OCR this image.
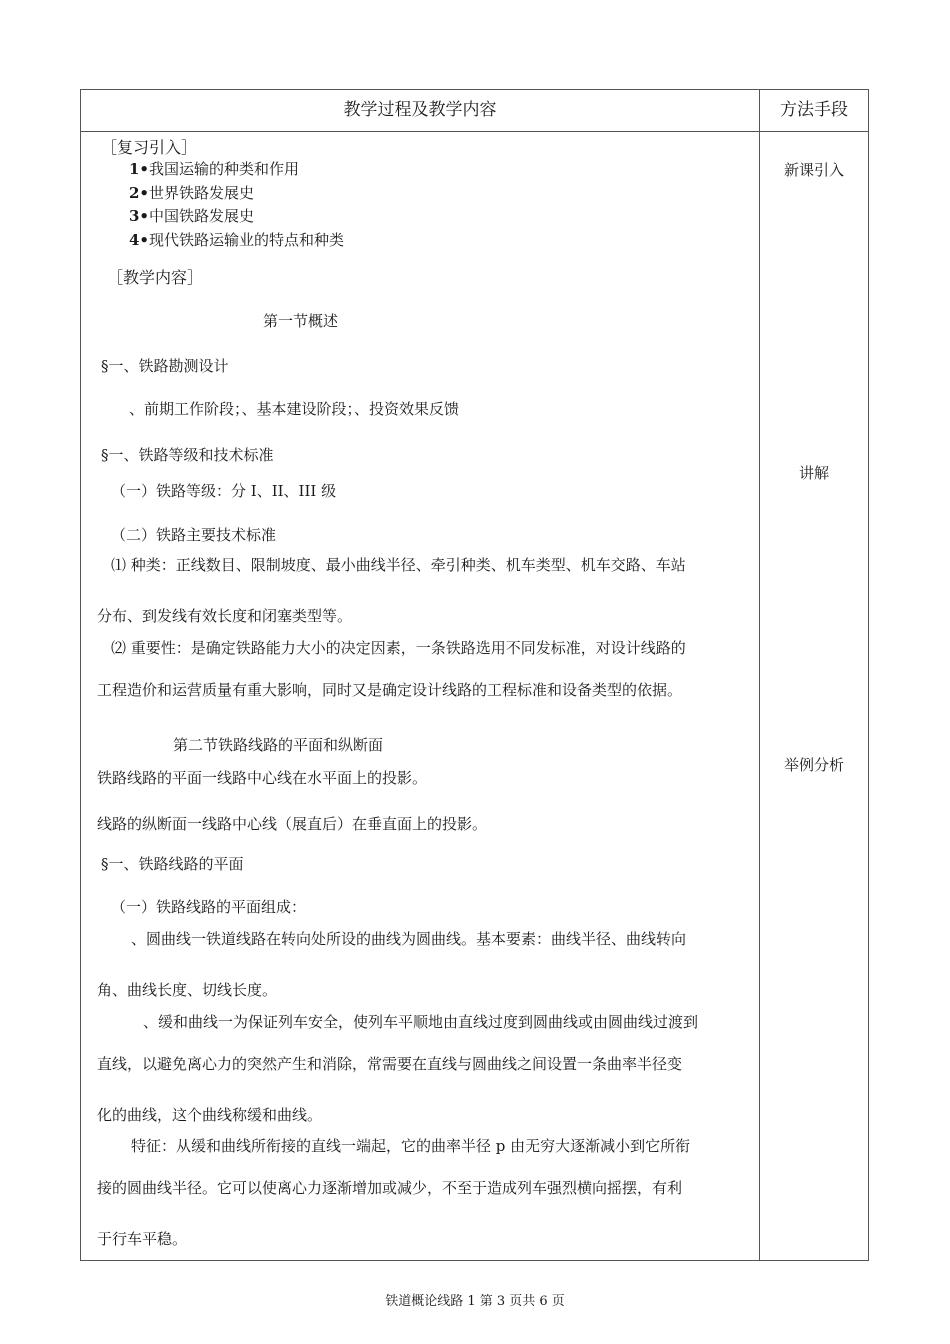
教学过程及教学内容	方法手段
［复习引入］
1•我国运输的种类和作用
2•世界铁路发展史
3•中国铁路发展史
4•现代铁路运输业的特点和种类
［教学内容］
第一节概述
§一、铁路勘测设计
、前期工作阶段；、基本建设阶段；、投资效果反馈
§一、铁路等级和技术标准
（一）铁路等级：分 I、II、III 级
（二）铁路主要技术标准
⑴ 种类：正线数目、限制坡度、最小曲线半径、牵引种类、机车类型、机车交路、车站
分布、到发线有效长度和闭塞类型等。
⑵ 重要性：是确定铁路能力大小的决定因素，一条铁路选用不同发标准，对设计线路的
工程造价和运营质量有重大影响，同时又是确定设计线路的工程标准和设备类型的依据。
第二节铁路线路的平面和纵断面
铁路线路的平面一线路中心线在水平面上的投影。
线路的纵断面一线路中心线（展直后）在垂直面上的投影。
§一、铁路线路的平面
（一）铁路线路的平面组成：
、圆曲线一铁道线路在转向处所设的曲线为圆曲线。基本要素：曲线半径、曲线转向
角、曲线长度、切线长度。
、缓和曲线一为保证列车安全，使列车平顺地由直线过度到圆曲线或由圆曲线过渡到
直线，以避免离心力的突然产生和消除，常需要在直线与圆曲线之间设置一条曲率半径变
化的曲线，这个曲线称缓和曲线。
特征：从缓和曲线所衔接的直线一端起，它的曲率半径 p 由无穷大逐渐减小到它所衔
接的圆曲线半径。它可以使离心力逐渐增加或减少，不至于造成列车强烈横向摇摆，有利
于行车平稳。
新课引入
讲解
举例分析
铁道概论线路 1 第 3 页共 6 页
